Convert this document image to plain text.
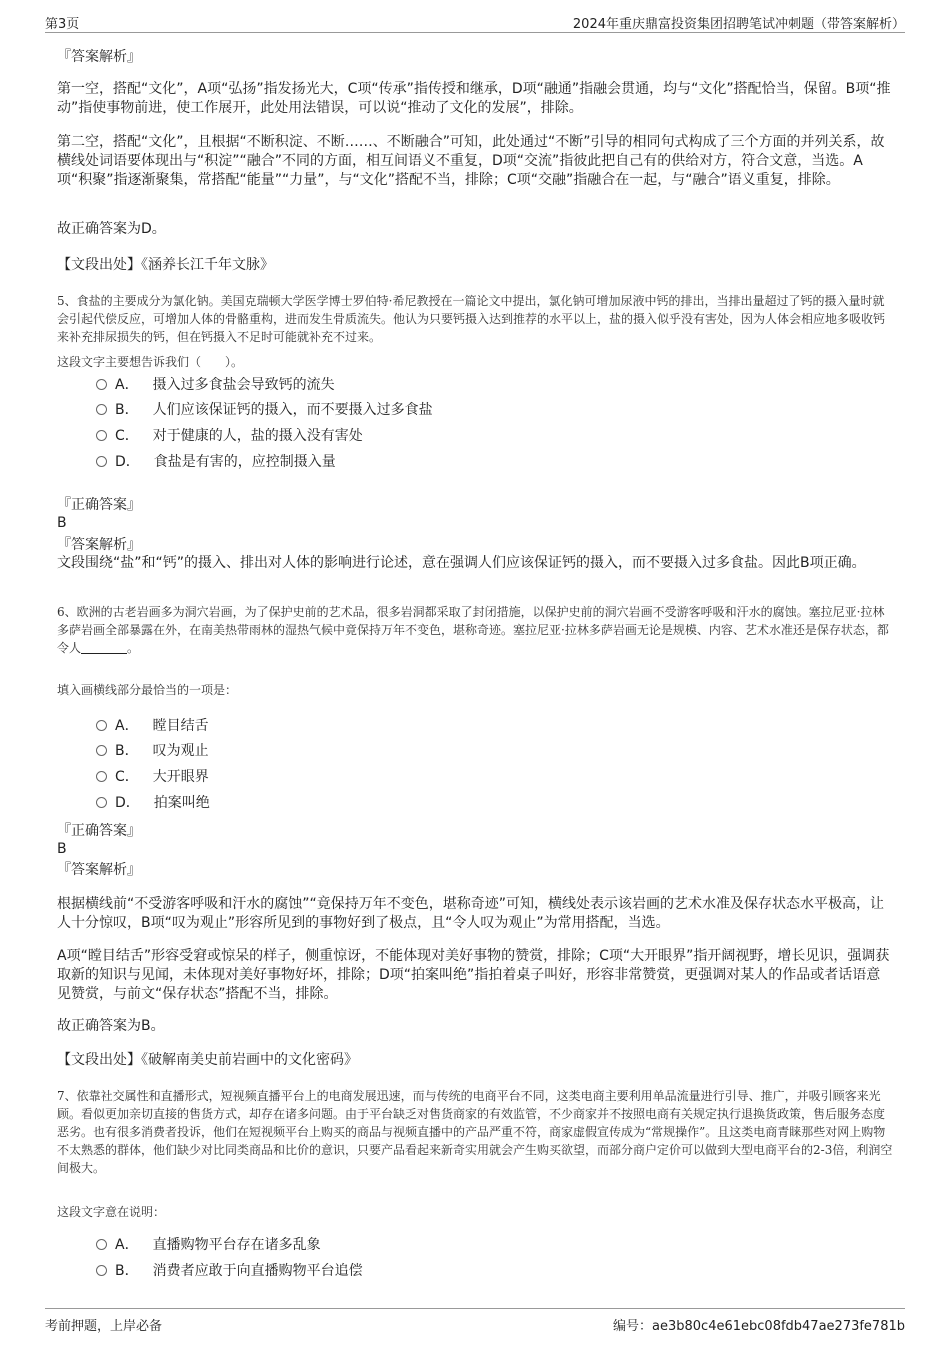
第3页	2024年重庆鼎富投资集团招聘笔试冲刺题（带答案解析）
『答案解析』

第一空，搭配“文化”，A项“弘扬”指发扬光大，C项“传承”指传授和继承，D项“融通”指融会贯通，均与“文化”搭配恰当，保留。B项“推动”指使事物前进，使工作展开，此处用法错误，可以说“推动了文化的发展”，排除。

第二空，搭配“文化”，且根据“不断积淀、不断……、不断融合”可知，此处通过“不断”引导的相同句式构成了三个方面的并列关系，故横线处词语要体现出与“积淀”“融合”不同的方面，相互间语义不重复，D项“交流”指彼此把自己有的供给对方，符合文意，当选。A项“积聚”指逐渐聚集，常搭配“能量”“力量”，与“文化”搭配不当，排除；C项“交融”指融合在一起，与“融合”语义重复，排除。

故正确答案为D。
【文段出处】《涵养长江千年文脉》

5、食盐的主要成分为氯化钠。美国克瑞顿大学医学博士罗伯特·希尼教授在一篇论文中提出，氯化钠可增加尿液中钙的排出，当排出量超过了钙的摄入量时就会引起代偿反应，可增加人体的骨骼重构，进而发生骨质流失。他认为只要钙摄入达到推荐的水平以上，盐的摄入似乎没有害处，因为人体会相应地多吸收钙来补充排尿损失的钙，但在钙摄入不足时可能就补充不过来。

这段文字主要想告诉我们（　　）。
A． 摄入过多食盐会导致钙的流失
B． 人们应该保证钙的摄入，而不要摄入过多食盐
C． 对于健康的人，盐的摄入没有害处
D． 食盐是有害的，应控制摄入量
『正确答案』
B
『答案解析』

文段围绕“盐”和“钙”的摄入、排出对人体的影响进行论述，意在强调人们应该保证钙的摄入，而不要摄入过多食盐。因此B项正确。

6、欧洲的古老岩画多为洞穴岩画，为了保护史前的艺术品，很多岩洞都采取了封闭措施，以保护史前的洞穴岩画不受游客呼吸和汗水的腐蚀。塞拉尼亚·拉林多萨岩画全部暴露在外，在南美热带雨林的湿热气候中竟保持万年不变色，堪称奇迹。塞拉尼亚·拉林多萨岩画无论是规模、内容、艺术水准还是保存状态，都令人	。

填入画横线部分最恰当的一项是：
A． 瞠目结舌
B． 叹为观止
C． 大开眼界
D． 拍案叫绝
『正确答案』
B
『答案解析』

根据横线前“不受游客呼吸和汗水的腐蚀”“竟保持万年不变色，堪称奇迹”可知，横线处表示该岩画的艺术水准及保存状态水平极高，让人十分惊叹，B项“叹为观止”形容所见到的事物好到了极点，且“令人叹为观止”为常用搭配，当选。

A项“瞠目结舌”形容受窘或惊呆的样子，侧重惊讶，不能体现对美好事物的赞赏，排除；C项“大开眼界”指开阔视野，增长见识，强调获取新的知识与见闻，未体现对美好事物好坏，排除；D项“拍案叫绝”指拍着桌子叫好，形容非常赞赏，更强调对某人的作品或者话语意见赞赏，与前文“保存状态”搭配不当，排除。

故正确答案为B。
【文段出处】《破解南美史前岩画中的文化密码》

7、依靠社交属性和直播形式，短视频直播平台上的电商发展迅速，而与传统的电商平台不同，这类电商主要利用单品流量进行引导、推广，并吸引顾客来光顾。看似更加亲切直接的售货方式，却存在诸多问题。由于平台缺乏对售货商家的有效监管，不少商家并不按照电商有关规定执行退换货政策，售后服务态度恶劣。也有很多消费者投诉，他们在短视频平台上购买的商品与视频直播中的产品严重不符，商家虚假宣传成为“常规操作”。且这类电商青睐那些对网上购物不太熟悉的群体，他们缺少对比同类商品和比价的意识，只要产品看起来新奇实用就会产生购买欲望，而部分商户定价可以做到大型电商平台的2-3倍，利润空间极大。

这段文字意在说明：
A． 直播购物平台存在诸多乱象
B． 消费者应敢于向直播购物平台追偿
考前押题，上岸必备	编号：ae3b80c4e61ebc08fdb47ae273fe781b
